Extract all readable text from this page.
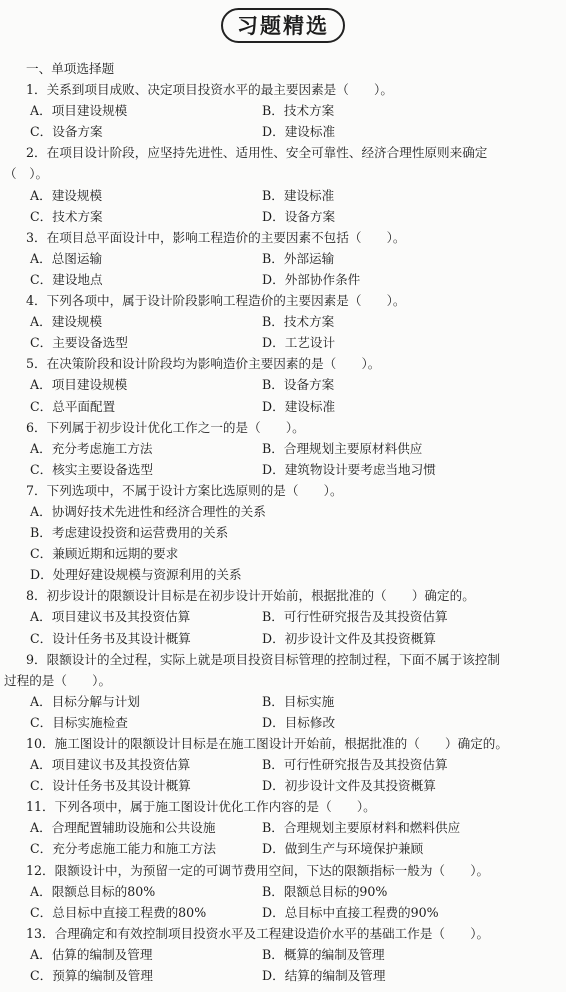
习题精选
一、单项选择题
1．关系到项目成败、决定项目投资水平的最主要因素是（　　）。
A．项目建设规模	B．技术方案
C．设备方案	D．建设标准
2．在项目设计阶段，应坚持先进性、适用性、安全可靠性、经济合理性原则来确定
（　）。
A．建设规模	B．建设标准
C．技术方案	D．设备方案
3．在项目总平面设计中，影响工程造价的主要因素不包括（　　）。
A．总图运输	B．外部运输
C．建设地点	D．外部协作条件
4．下列各项中，属于设计阶段影响工程造价的主要因素是（　　）。
A．建设规模	B．技术方案
C．主要设备选型	D．工艺设计
5．在决策阶段和设计阶段均为影响造价主要因素的是（　　）。
A．项目建设规模	B．设备方案
C．总平面配置	D．建设标准
6．下列属于初步设计优化工作之一的是（　　）。
A．充分考虑施工方法	B．合理规划主要原材料供应
C．核实主要设备选型	D．建筑物设计要考虑当地习惯
7．下列选项中，不属于设计方案比选原则的是（　　）。
A．协调好技术先进性和经济合理性的关系
B．考虑建设投资和运营费用的关系
C．兼顾近期和远期的要求
D．处理好建设规模与资源利用的关系
8．初步设计的限额设计目标是在初步设计开始前，根据批准的（　　）确定的。
A．项目建议书及其投资估算	B．可行性研究报告及其投资估算
C．设计任务书及其设计概算	D．初步设计文件及其投资概算
9．限额设计的全过程，实际上就是项目投资目标管理的控制过程，下面不属于该控制
过程的是（　　）。
A．目标分解与计划	B．目标实施
C．目标实施检查	D．目标修改
10．施工图设计的限额设计目标是在施工图设计开始前，根据批准的（　　）确定的。
A．项目建议书及其投资估算	B．可行性研究报告及其投资估算
C．设计任务书及其设计概算	D．初步设计文件及其投资概算
11．下列各项中，属于施工图设计优化工作内容的是（　　）。
A．合理配置辅助设施和公共设施	B．合理规划主要原材料和燃料供应
C．充分考虑施工能力和施工方法	D．做到生产与环境保护兼顾
12．限额设计中，为预留一定的可调节费用空间，下达的限额指标一般为（　　）。
A．限额总目标的80%	B．限额总目标的90%
C．总目标中直接工程费的80%	D．总目标中直接工程费的90%
13．合理确定和有效控制项目投资水平及工程建设造价水平的基础工作是（　　）。
A．估算的编制及管理	B．概算的编制及管理
C．预算的编制及管理	D．结算的编制及管理
